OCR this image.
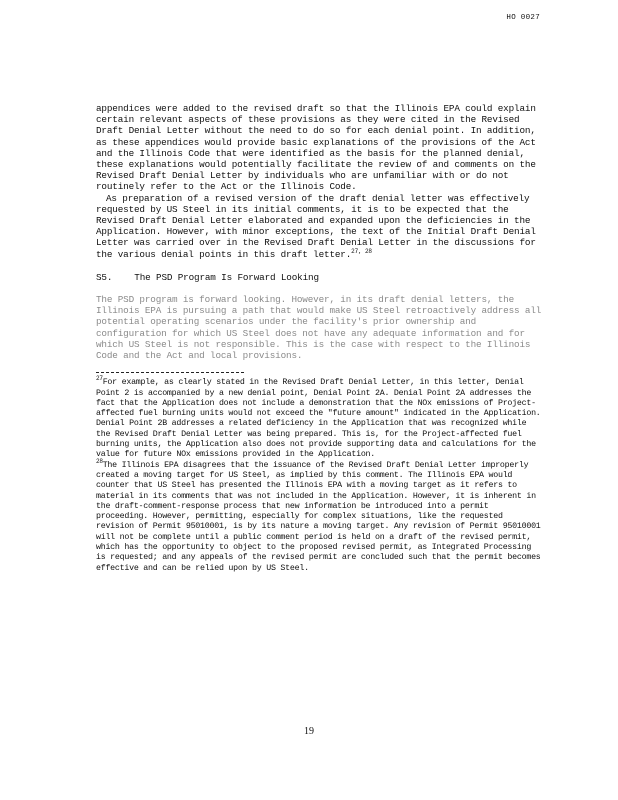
HO 0027

appendices were added to the revised draft so that the Illinois EPA could explain certain relevant aspects of these provisions as they were cited in the Revised Draft Denial Letter without the need to do so for each denial point. In addition, as these appendices would provide basic explanations of the provisions of the Act and the Illinois Code that were identified as the basis for the planned denial, these explanations would potentially facilitate the review of and comments on the Revised Draft Denial Letter by individuals who are unfamiliar with or do not routinely refer to the Act or the Illinois Code.

As preparation of a revised version of the draft denial letter was effectively requested by US Steel in its initial comments, it is to be expected that the Revised Draft Denial Letter elaborated and expanded upon the deficiencies in the Application. However, with minor exceptions, the text of the Initial Draft Denial Letter was carried over in the Revised Draft Denial Letter in the discussions for the various denial points in this draft letter.$^{27, 28}$

S5. The PSD Program Is Forward Looking

The PSD program is forward looking. However, in its draft denial letters, the Illinois EPA is pursuing a path that would make US Steel retroactively address all potential operating scenarios under the facility's prior ownership and configuration for which US Steel does not have any adequate information and for which US Steel is not responsible. This is the case with respect to the Illinois Code and the Act and local provisions.

$^{27}$For example, as clearly stated in the Revised Draft Denial Letter, in this letter, Denial Point 2 is accompanied by a new denial point, Denial Point 2A. Denial Point 2A addresses the fact that the Application does not include a demonstration that the NOx emissions of Project-affected fuel burning units would not exceed the "future amount" indicated in the Application. Denial Point 2B addresses a related deficiency in the Application that was recognized while the Revised Draft Denial Letter was being prepared. This is, for the Project-affected fuel burning units, the Application also does not provide supporting data and calculations for the value for future NOx emissions provided in the Application.

$^{28}$The Illinois EPA disagrees that the issuance of the Revised Draft Denial Letter improperly created a moving target for US Steel, as implied by this comment. The Illinois EPA would counter that US Steel has presented the Illinois EPA with a moving target as it refers to material in its comments that was not included in the Application. However, it is inherent in the draft-comment-response process that new information be introduced into a permit proceeding. However, permitting, especially for complex situations, like the requested revision of Permit 95010001, is by its nature a moving target. Any revision of Permit 95010001 will not be complete until a public comment period is held on a draft of the revised permit, which has the opportunity to object to the proposed revised permit, as Integrated Processing is requested; and any appeals of the revised permit are concluded such that the permit becomes effective and can be relied upon by US Steel.

19
